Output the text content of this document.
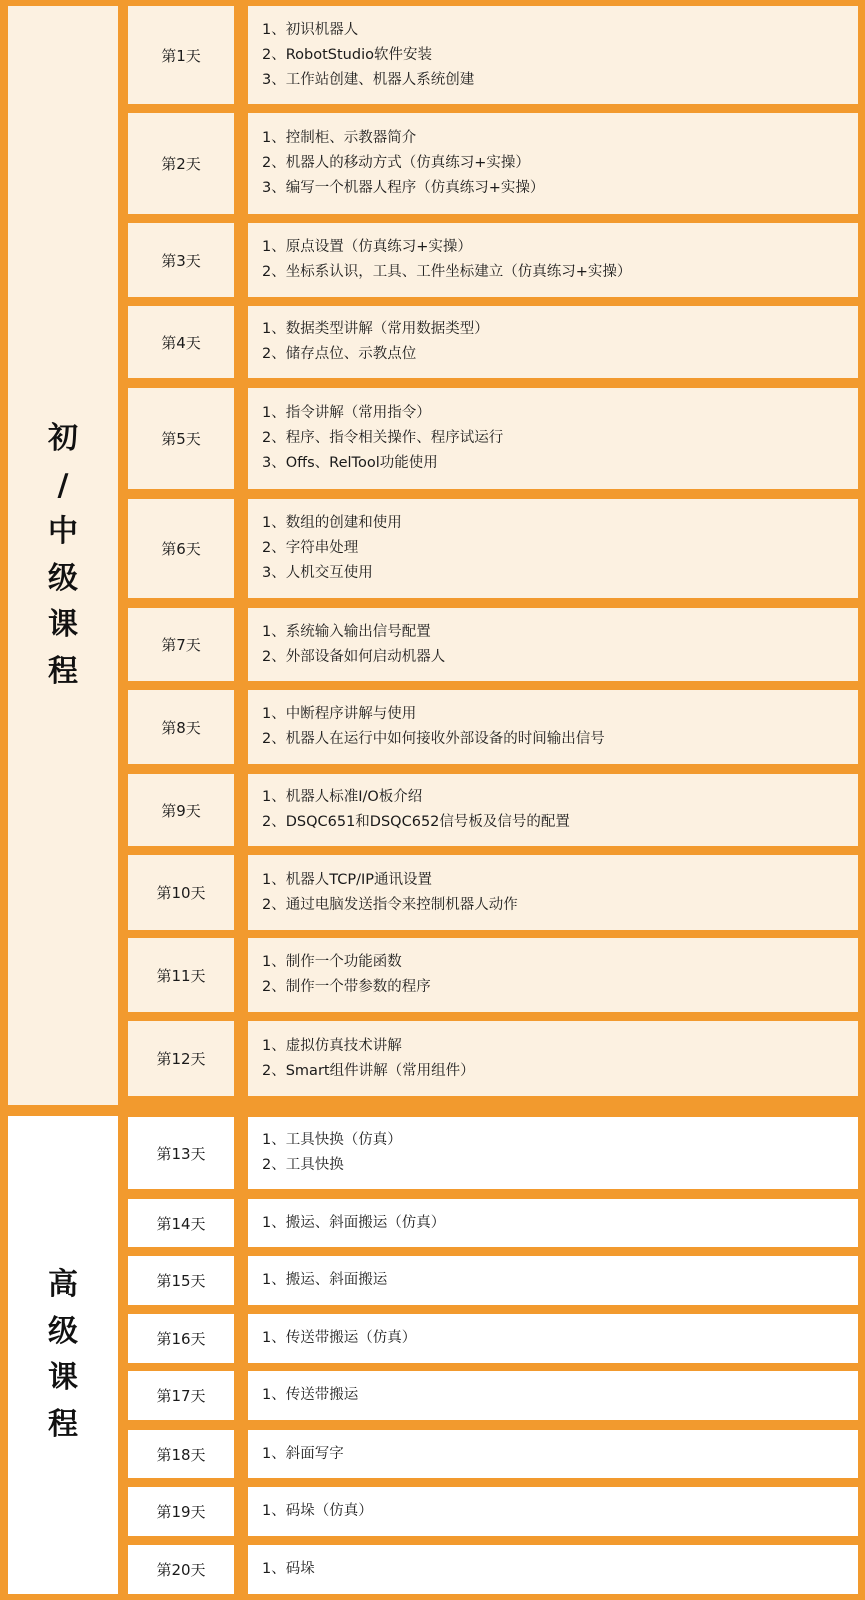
初
/
中
级
课
程
第1天
1、初识机器人
2、RobotStudio软件安装
3、工作站创建、机器人系统创建
第2天
1、控制柜、示教器简介
2、机器人的移动方式（仿真练习+实操）
3、编写一个机器人程序（仿真练习+实操）
第3天
1、原点设置（仿真练习+实操）
2、坐标系认识，工具、工件坐标建立（仿真练习+实操）
第4天
1、数据类型讲解（常用数据类型）
2、储存点位、示教点位
第5天
1、指令讲解（常用指令）
2、程序、指令相关操作、程序试运行
3、Offs、RelTool功能使用
第6天
1、数组的创建和使用
2、字符串处理
3、人机交互使用
第7天
1、系统输入输出信号配置
2、外部设备如何启动机器人
第8天
1、中断程序讲解与使用
2、机器人在运行中如何接收外部设备的时间输出信号
第9天
1、机器人标准I/O板介绍
2、DSQC651和DSQC652信号板及信号的配置
第10天
1、机器人TCP/IP通讯设置
2、通过电脑发送指令来控制机器人动作
第11天
1、制作一个功能函数
2、制作一个带参数的程序
第12天
1、虚拟仿真技术讲解
2、Smart组件讲解（常用组件）
高
级
课
程
第13天
1、工具快换（仿真）
2、工具快换
第14天	1、搬运、斜面搬运（仿真）
第15天	1、搬运、斜面搬运
第16天	1、传送带搬运（仿真）
第17天	1、传送带搬运
第18天	1、斜面写字
第19天	1、码垛（仿真）
第20天	1、码垛
